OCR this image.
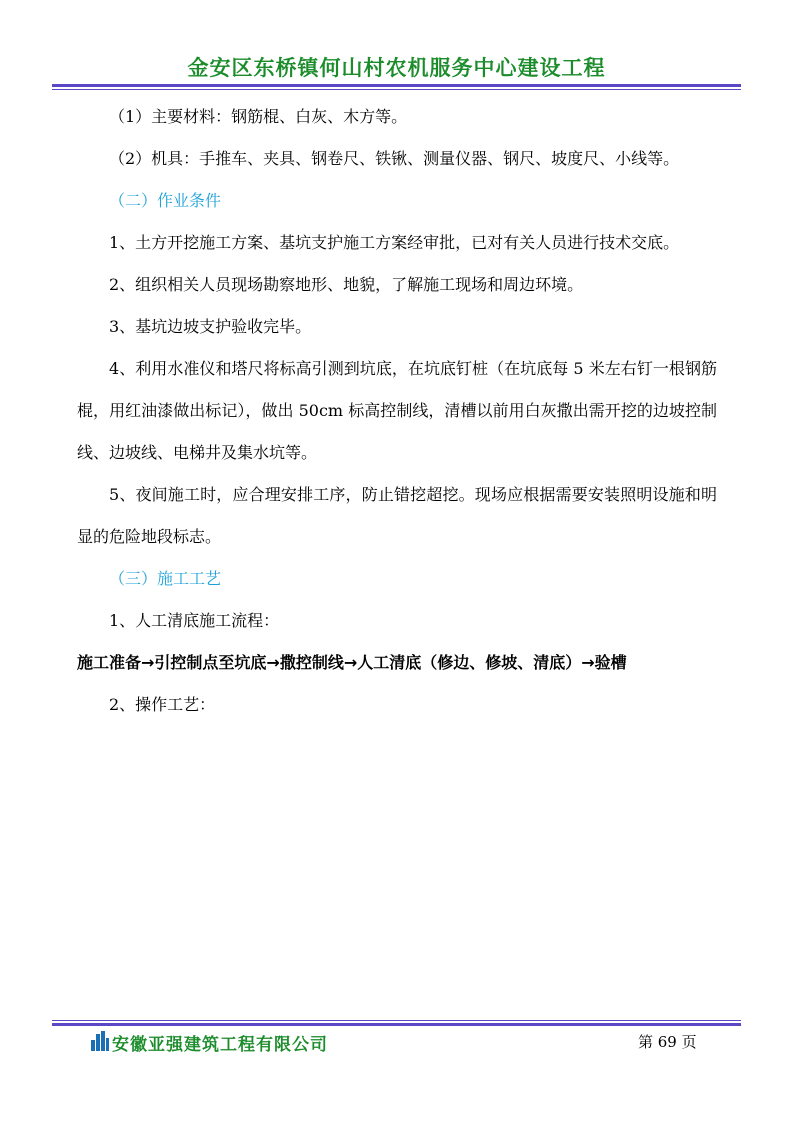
金安区东桥镇何山村农机服务中心建设工程

（1）主要材料：钢筋棍、白灰、木方等。

（2）机具：手推车、夹具、钢卷尺、铁锹、测量仪器、钢尺、坡度尺、小线等。

（二）作业条件

1、土方开挖施工方案、基坑支护施工方案经审批，已对有关人员进行技术交底。

2、组织相关人员现场勘察地形、地貌，了解施工现场和周边环境。

3、基坑边坡支护验收完毕。

4、利用水准仪和塔尺将标高引测到坑底，在坑底钉桩（在坑底每 5 米左右钉一根钢筋棍，用红油漆做出标记），做出 50cm 标高控制线，清槽以前用白灰撒出需开挖的边坡控制线、边坡线、电梯井及集水坑等。

5、夜间施工时，应合理安排工序，防止错挖超挖。现场应根据需要安装照明设施和明显的危险地段标志。

（三）施工工艺

1、人工清底施工流程：

施工准备→引控制点至坑底→撒控制线→人工清底（修边、修坡、清底）→验槽

2、操作工艺：

安徽亚强建筑工程有限公司	第 69 页
